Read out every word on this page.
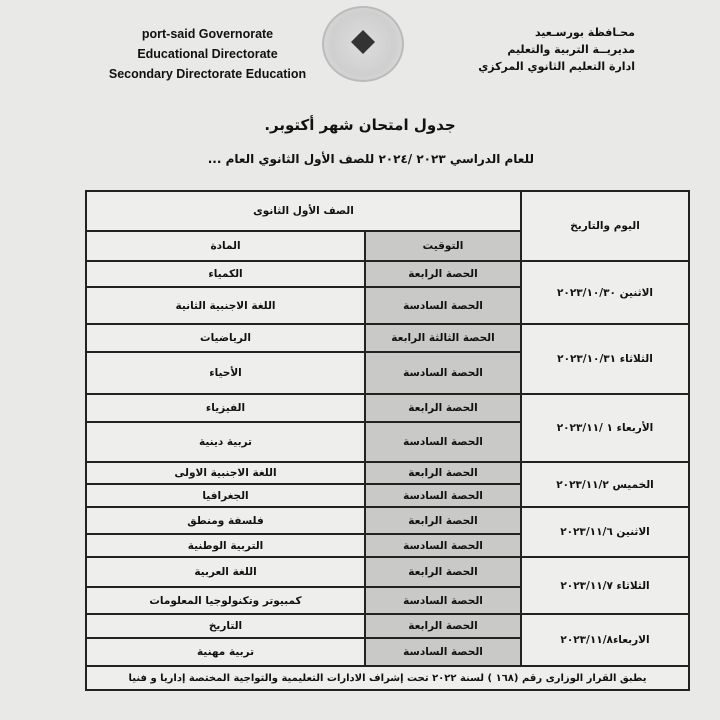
port-said Governorate
Educational Directorate
Secondary Directorate Education
محـافظة بورسـعيد
مديريــة التربية والتعليم
ادارة التعليم الثانوي المركزي
جدول امتحان شهر أكتوبر.
للعام الدراسي ٢٠٢٣ /٢٠٢٤ للصف الأول الثانوي العام ...
اليوم والتاريخ	الصف الأول الثانوى	
	التوقيت	المادة
الاثنين ٢٠٢٣/١٠/٣٠	الحصة الرابعة	الكمياء
	الحصة السادسة	اللغة الاجنبية الثانية
الثلاثاء ٢٠٢٣/١٠/٣١	الحصة الثالثة الرابعة	الرياضيات
	الحصة السادسة	الأحياء
الأربعاء ١ /٢٠٢٣/١١	الحصة الرابعة	الفيزياء
	الحصة السادسة	تربية دينية
الخميس ٢٠٢٣/١١/٢	الحصة الرابعة	اللغة الاجنبية الاولى
	الحصة السادسة	الجغرافيا
الاثنين ٢٠٢٣/١١/٦	الحصة الرابعة	فلسفة ومنطق
	الحصة السادسة	التربية الوطنية
الثلاثاء ٢٠٢٣/١١/٧	الحصة الرابعة	اللغة العربية
	الحصة السادسة	كمبيوتر وتكنولوجيا المعلومات
الاربعاء٢٠٢٣/١١/٨	الحصة الرابعة	التاريخ
	الحصة السادسة	تربية مهنية
يطبق القرار الوزارى رقم (١٦٨ ) لسنة ٢٠٢٢ تحت إشراف الادارات التعليمية والتواجية المختصة إداريا و فنيا		
